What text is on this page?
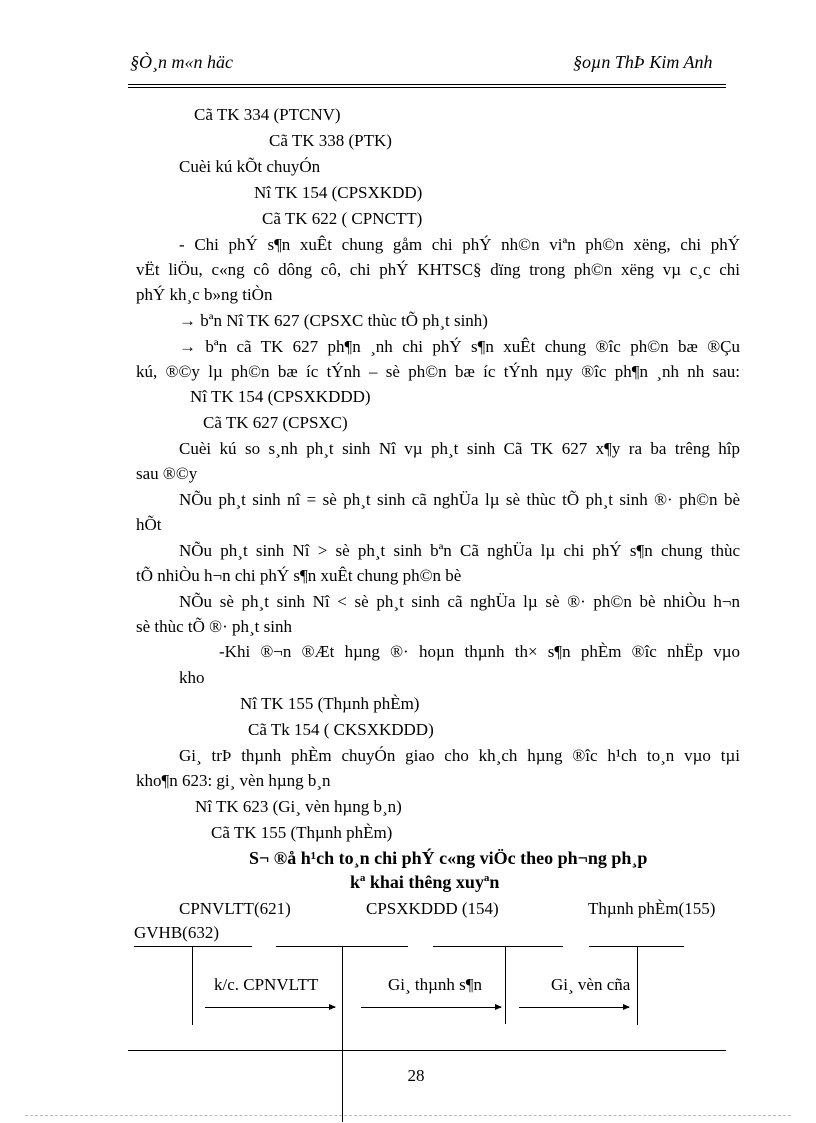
§Ò¸n m«n häc	§oµn ThÞ Kim Anh
Cã TK 334 (PTCNV)
Cã TK 338 (PTK)
Cuèi kú kÕt chuyÓn
Nî TK 154 (CPSXKDD)
Cã TK 622 ( CPNCTT)
- Chi phÝ s¶n xuÊt chung gåm chi phÝ nh©n viªn ph©n xëng, chi phÝ
vËt liÖu, c«ng cô dông cô, chi phÝ KHTSC§ dïng trong ph©n xëng vµ c¸c chi
phÝ kh¸c b»ng tiÒn
→ bªn Nî TK 627 (CPSXC thùc tÕ ph¸t sinh)
→ bªn cã TK 627 ph¶n ¸nh chi phÝ s¶n xuÊt chung ®îc ph©n bæ ®Çu
kú, ®©y lµ ph©n bæ íc tÝnh – sè ph©n bæ íc tÝnh nµy ®îc ph¶n ¸nh nh sau:
Nî TK 154 (CPSXKDDD)
Cã TK 627 (CPSXC)
Cuèi kú so s¸nh ph¸t sinh Nî vµ ph¸t sinh Cã TK 627 x¶y ra ba trêng hîp
sau ®©y
NÕu ph¸t sinh nî = sè ph¸t sinh cã nghÜa lµ sè thùc tÕ ph¸t sinh ®· ph©n bè
hÕt
NÕu ph¸t sinh Nî > sè ph¸t sinh bªn Cã nghÜa lµ chi phÝ s¶n chung thùc
tÕ nhiÒu h¬n chi phÝ s¶n xuÊt chung ph©n bè
NÕu sè ph¸t sinh Nî < sè ph¸t sinh cã nghÜa lµ sè ®· ph©n bè nhiÒu h¬n
sè thùc tÕ ®· ph¸t sinh
-Khi ®¬n ®Æt hµng ®· hoµn thµnh th× s¶n phÈm ®îc nhËp vµo
kho
Nî TK 155 (Thµnh phÈm)
Cã Tk 154 ( CKSXKDDD)
Gi¸ trÞ thµnh phÈm chuyÓn giao cho kh¸ch hµng ®îc h¹ch to¸n vµo tµi
kho¶n 623: gi¸ vèn hµng b¸n
Nî TK 623 (Gi¸ vèn hµng b¸n)
Cã TK 155 (Thµnh phÈm)
S¬ ®å h¹ch to¸n chi phÝ c«ng viÖc theo ph¬ng ph¸p
kª khai thêng xuyªn
CPNVLTT(621)	CPSXKDDD (154)	Thµnh phÈm(155)
GVHB(632)
k/c. CPNVLTT	Gi¸ thµnh s¶n	Gi¸ vèn cña
28
